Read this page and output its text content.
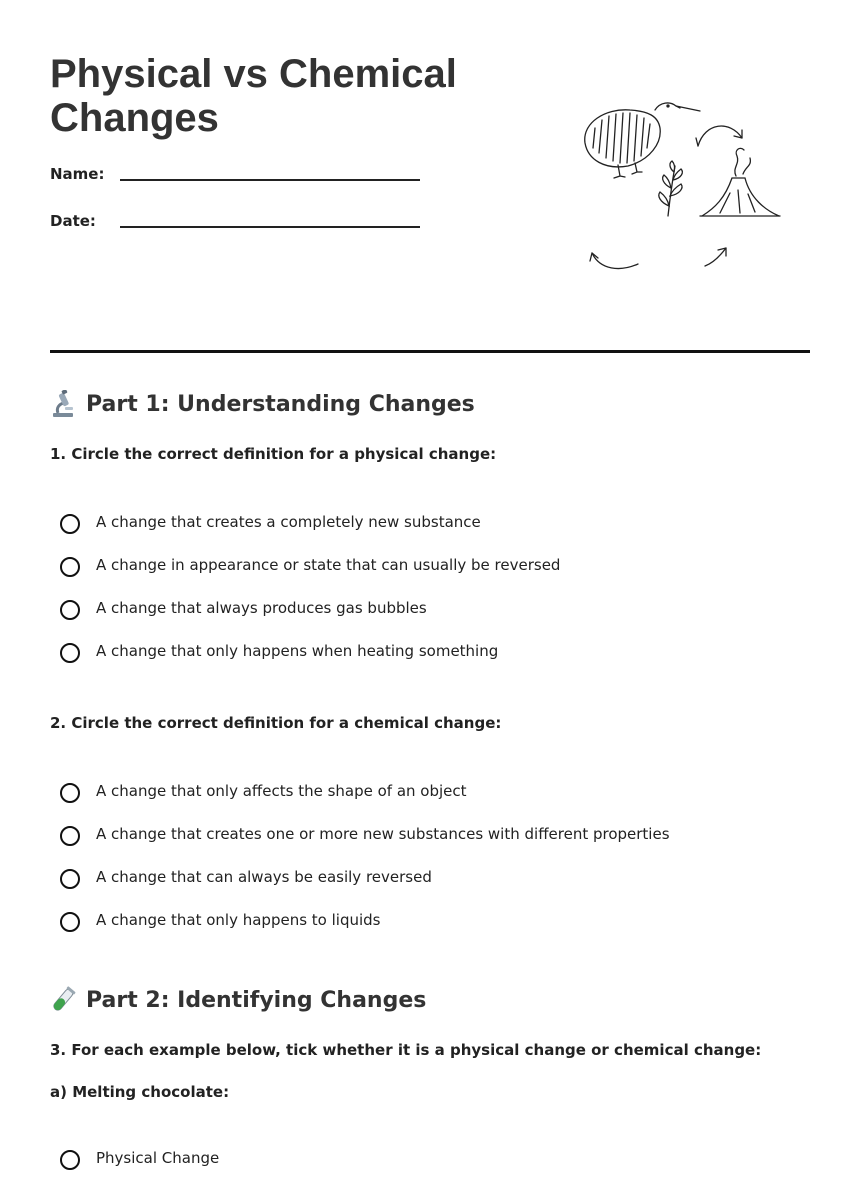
Physical vs Chemical Changes
Name:
Date:
Part 1: Understanding Changes

1. Circle the correct definition for a physical change:

A change that creates a completely new substance
A change in appearance or state that can usually be reversed
A change that always produces gas bubbles
A change that only happens when heating something

2. Circle the correct definition for a chemical change:

A change that only affects the shape of an object
A change that creates one or more new substances with different properties
A change that can always be easily reversed
A change that only happens to liquids
Part 2: Identifying Changes

3. For each example below, tick whether it is a physical change or chemical change:

a) Melting chocolate:

Physical Change
